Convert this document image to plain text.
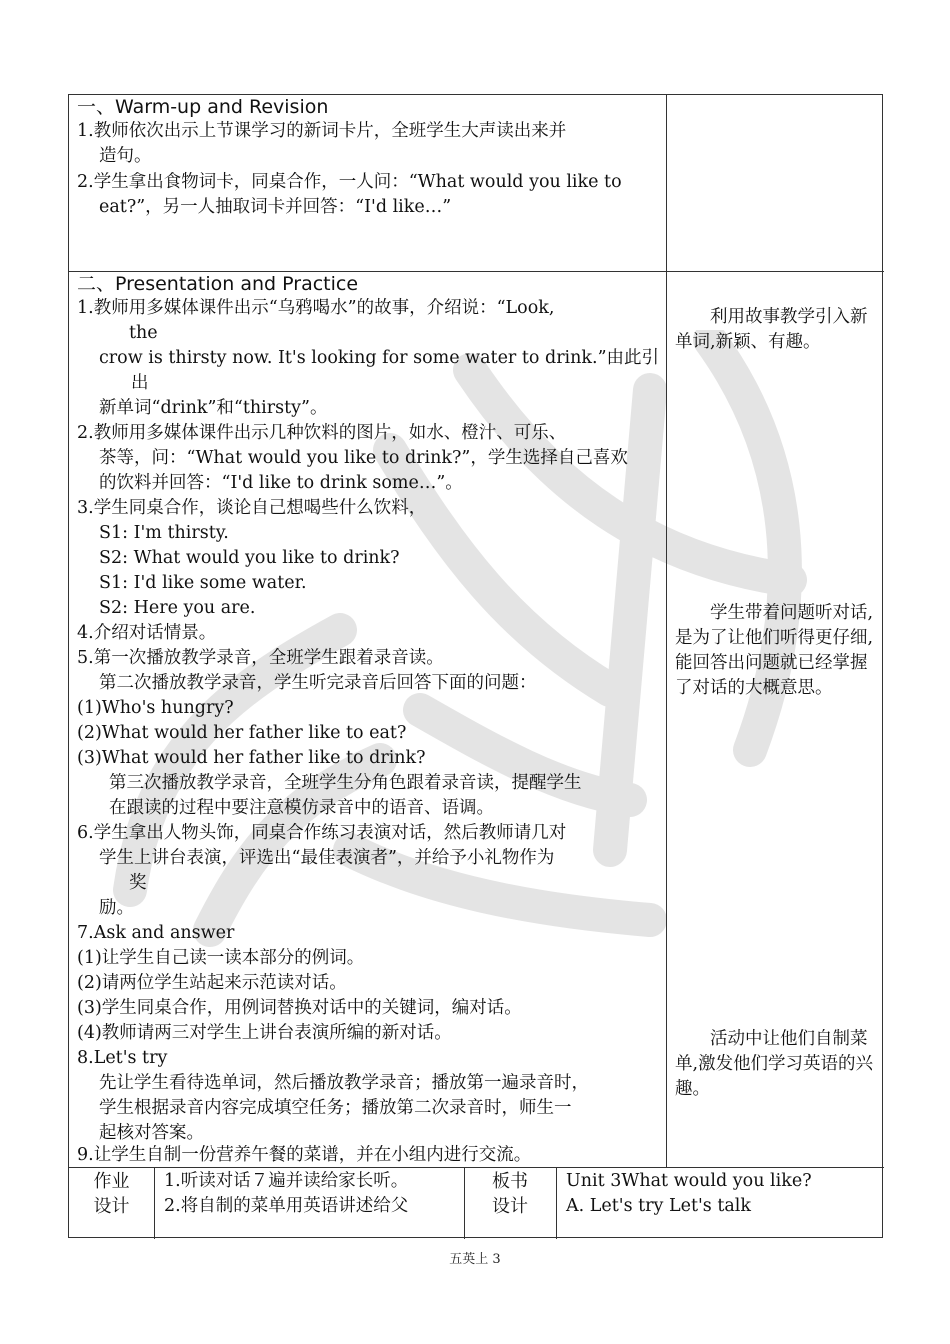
一、Warm-up and Revision
1.教师依次出示上节课学习的新词卡片，全班学生大声读出来并
造句。
2.学生拿出食物词卡，同桌合作，一人问：“What would you like to
eat?”，另一人抽取词卡并回答：“I'd like…”
二、Presentation and Practice
1.教师用多媒体课件出示“乌鸦喝水”的故事，介绍说：“Look,
the
crow is thirsty now. It's looking for some water to drink.”由此引
出
新单词“drink”和“thirsty”。
2.教师用多媒体课件出示几种饮料的图片，如水、橙汁、可乐、
茶等，问：“What would you like to drink?”，学生选择自己喜欢
的饮料并回答：“I'd like to drink some…”。
3.学生同桌合作，谈论自己想喝些什么饮料，
S1: I'm thirsty.
S2: What would you like to drink?
S1: I'd like some water.
S2: Here you are.
4.介绍对话情景。
5.第一次播放教学录音，全班学生跟着录音读。
第二次播放教学录音，学生听完录音后回答下面的问题：
(1)Who's hungry?
(2)What would her father like to eat?
(3)What would her father like to drink?
第三次播放教学录音，全班学生分角色跟着录音读，提醒学生
在跟读的过程中要注意模仿录音中的语音、语调。
6.学生拿出人物头饰，同桌合作练习表演对话，然后教师请几对
学生上讲台表演，评选出“最佳表演者”，并给予小礼物作为
奖
励。
7.Ask and answer
(1)让学生自己读一读本部分的例词。
(2)请两位学生站起来示范读对话。
(3)学生同桌合作，用例词替换对话中的关键词，编对话。
(4)教师请两三对学生上讲台表演所编的新对话。
8.Let's try
先让学生看待选单词，然后播放教学录音；播放第一遍录音时，
学生根据录音内容完成填空任务；播放第二次录音时，师生一
起核对答案。
9.让学生自制一份营养午餐的菜谱，并在小组内进行交流。
利用故事教学引入新单词,新颖、有趣。
学生带着问题听对话,是为了让他们听得更仔细,能回答出问题就已经掌握了对话的大概意思。
活动中让他们自制菜单,激发他们学习英语的兴趣。
作业
设计
1.听读对话７遍并读给家长听。
2.将自制的菜单用英语讲述给父
板书
设计
Unit 3What would you like?
A. Let's try Let's talk
五英上 3
